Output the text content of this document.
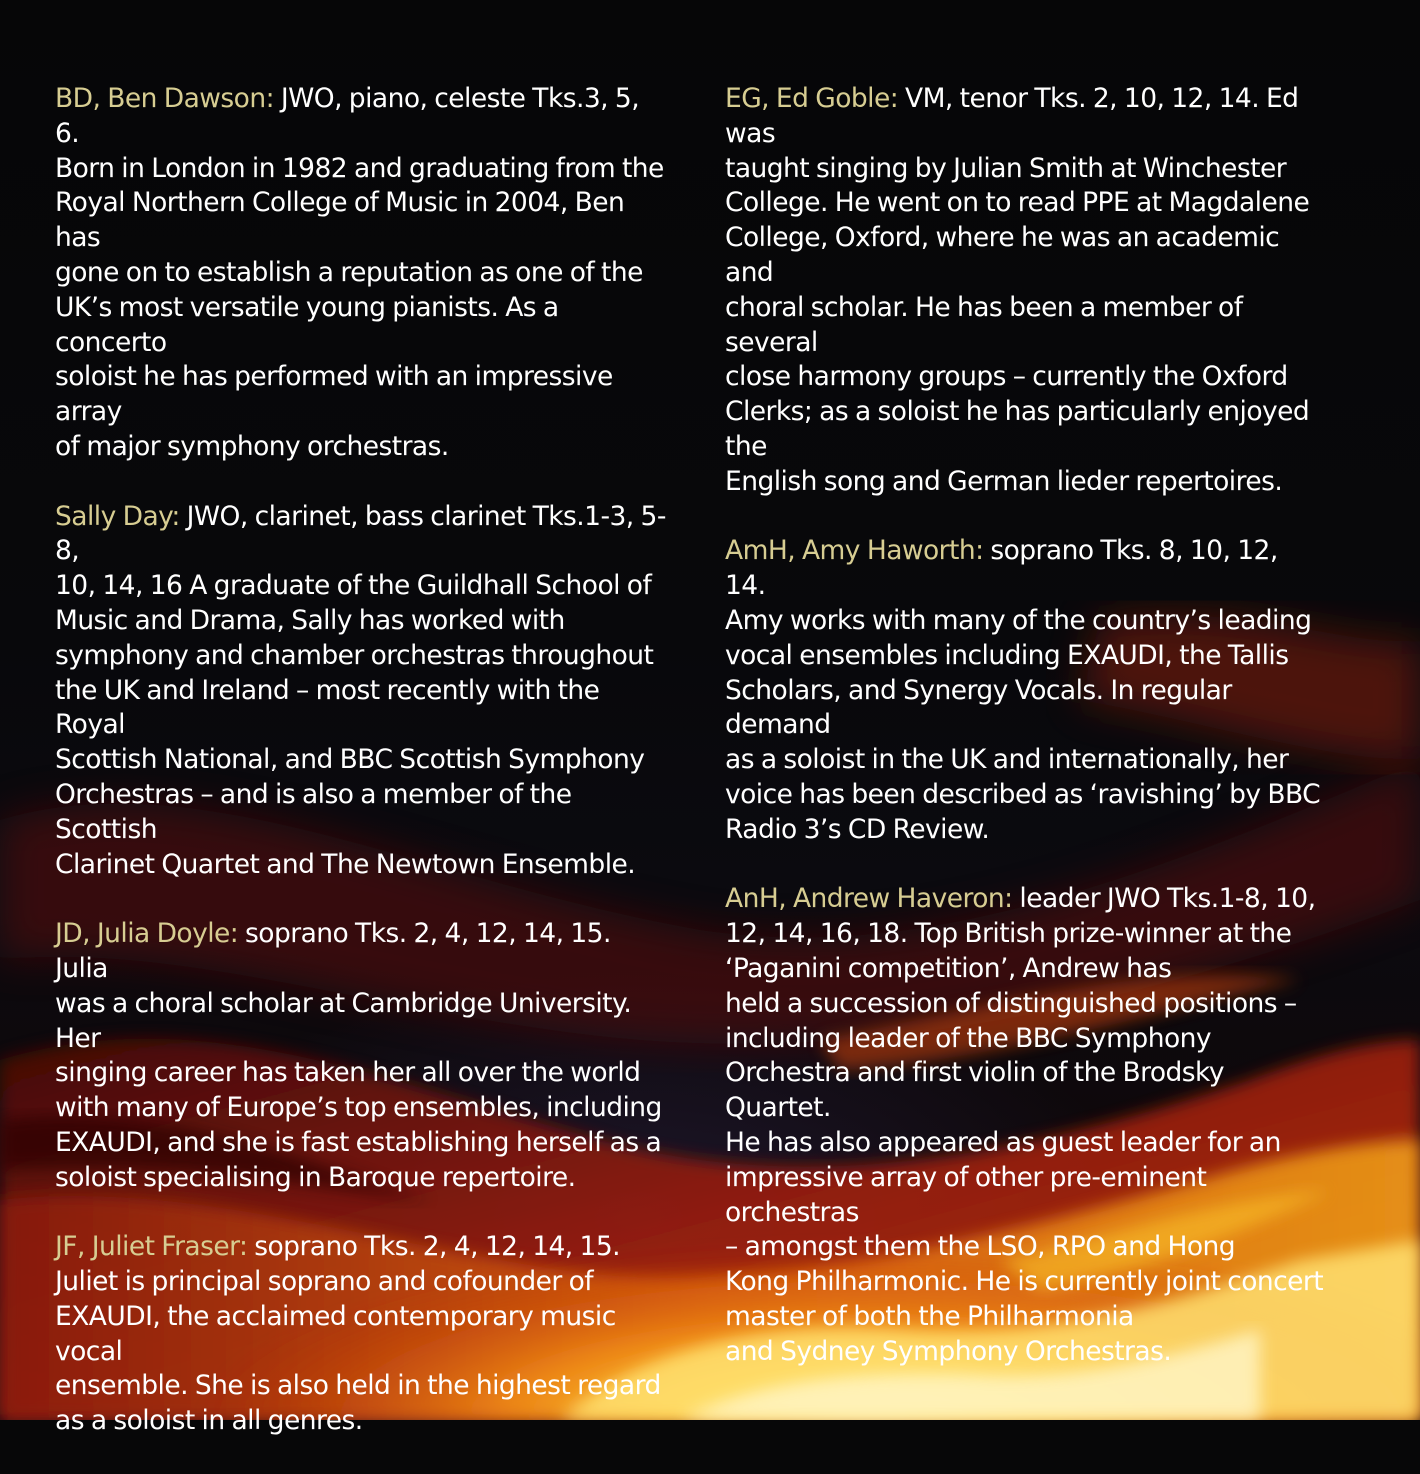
BD, Ben Dawson: JWO, piano, celeste Tks.3, 5, 6.
Born in London in 1982 and graduating from the
Royal Northern College of Music in 2004, Ben has
gone on to establish a reputation as one of the
UK’s most versatile young pianists. As a concerto
soloist he has performed with an impressive array
of major symphony orchestras.

Sally Day: JWO, clarinet, bass clarinet Tks.1-3, 5-8,
10, 14, 16 A graduate of the Guildhall School of
Music and Drama, Sally has worked with
symphony and chamber orchestras throughout
the UK and Ireland – most recently with the Royal
Scottish National, and BBC Scottish Symphony
Orchestras – and is also a member of the Scottish
Clarinet Quartet and The Newtown Ensemble.

JD, Julia Doyle: soprano Tks. 2, 4, 12, 14, 15. Julia
was a choral scholar at Cambridge University. Her
singing career has taken her all over the world
with many of Europe’s top ensembles, including
EXAUDI, and she is fast establishing herself as a
soloist specialising in Baroque repertoire.

JF, Juliet Fraser: soprano Tks. 2, 4, 12, 14, 15.
Juliet is principal soprano and cofounder of
EXAUDI, the acclaimed contemporary music vocal
ensemble. She is also held in the highest regard
as a soloist in all genres.

EG, Ed Goble: VM, tenor Tks. 2, 10, 12, 14. Ed was
taught singing by Julian Smith at Winchester
College. He went on to read PPE at Magdalene
College, Oxford, where he was an academic and
choral scholar. He has been a member of several
close harmony groups – currently the Oxford
Clerks; as a soloist he has particularly enjoyed the
English song and German lieder repertoires.

AmH, Amy Haworth: soprano Tks. 8, 10, 12, 14.
Amy works with many of the country’s leading
vocal ensembles including EXAUDI, the Tallis
Scholars, and Synergy Vocals. In regular demand
as a soloist in the UK and internationally, her
voice has been described as ‘ravishing’ by BBC
Radio 3’s CD Review.

AnH, Andrew Haveron: leader JWO Tks.1-8, 10,
12, 14, 16, 18. Top British prize-winner at the
‘Paganini competition’, Andrew has
held a succession of distinguished positions –
including leader of the BBC Symphony
Orchestra and first violin of the Brodsky Quartet.
He has also appeared as guest leader for an
impressive array of other pre-eminent orchestras
– amongst them the LSO, RPO and Hong
Kong Philharmonic. He is currently joint concert
master of both the Philharmonia
and Sydney Symphony Orchestras.
